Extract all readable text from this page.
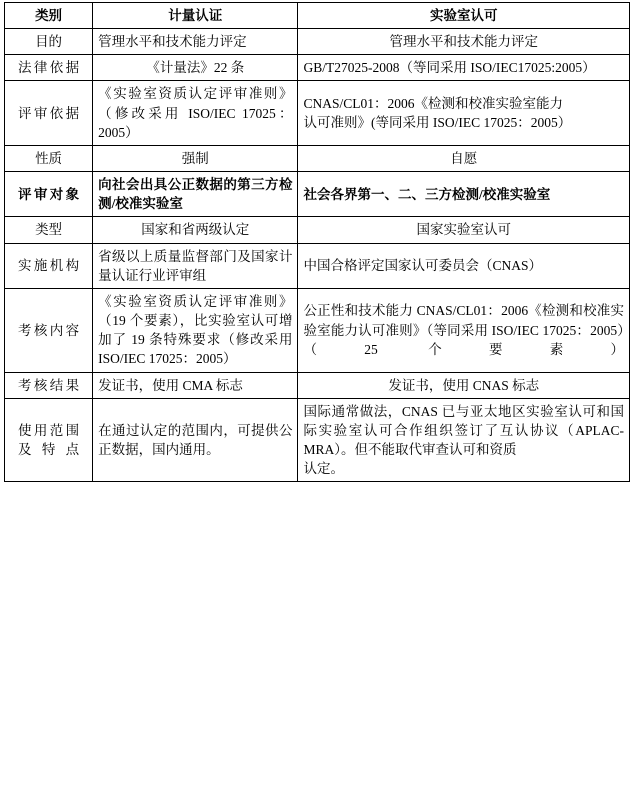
类别	计量认证	实验室认可

目的	管理水平和技术能力评定	管理水平和技术能力评定

法律依据	《计量法》22 条	GB/T27025-2008（等同采用 ISO/IEC17025:2005）

评审依据	《实验室资质认定评审准则》（修改采用 ISO/IEC 17025：2005）	CNAS/CL01：2006《检测和校准实验室能力
认可准则》(等同采用 ISO/IEC 17025：2005）

性质	强制	自愿

评审对象	向社会出具公正数据的第三方检测/校准实验室	社会各界第一、二、三方检测/校准实验室

类型	国家和省两级认定	国家实验室认可

实施机构	省级以上质量监督部门及国家计量认证行业评审组	中国合格评定国家认可委员会（CNAS）

考核内容	《实验室资质认定评审准则》（19 个要素），比实验室认可增加了 19 条特殊要求（修改采用 ISO/IEC 17025：2005）	公正性和技术能力 CNAS/CL01：2006《检测和校准实验室能力认可准则》（等同采用 ISO/IEC 17025：2005）（25 个要素）

考核结果	发证书，使用 CMA 标志	发证书，使用 CNAS 标志

使用范围及特点	在通过认定的范围内，可提供公正数据，国内通用。	国际通常做法，CNAS 已与亚太地区实验室认可和国际实验室认可合作组织签订了互认协议（APLAC-MRA）。但不能取代审查认可和资质
认定。
